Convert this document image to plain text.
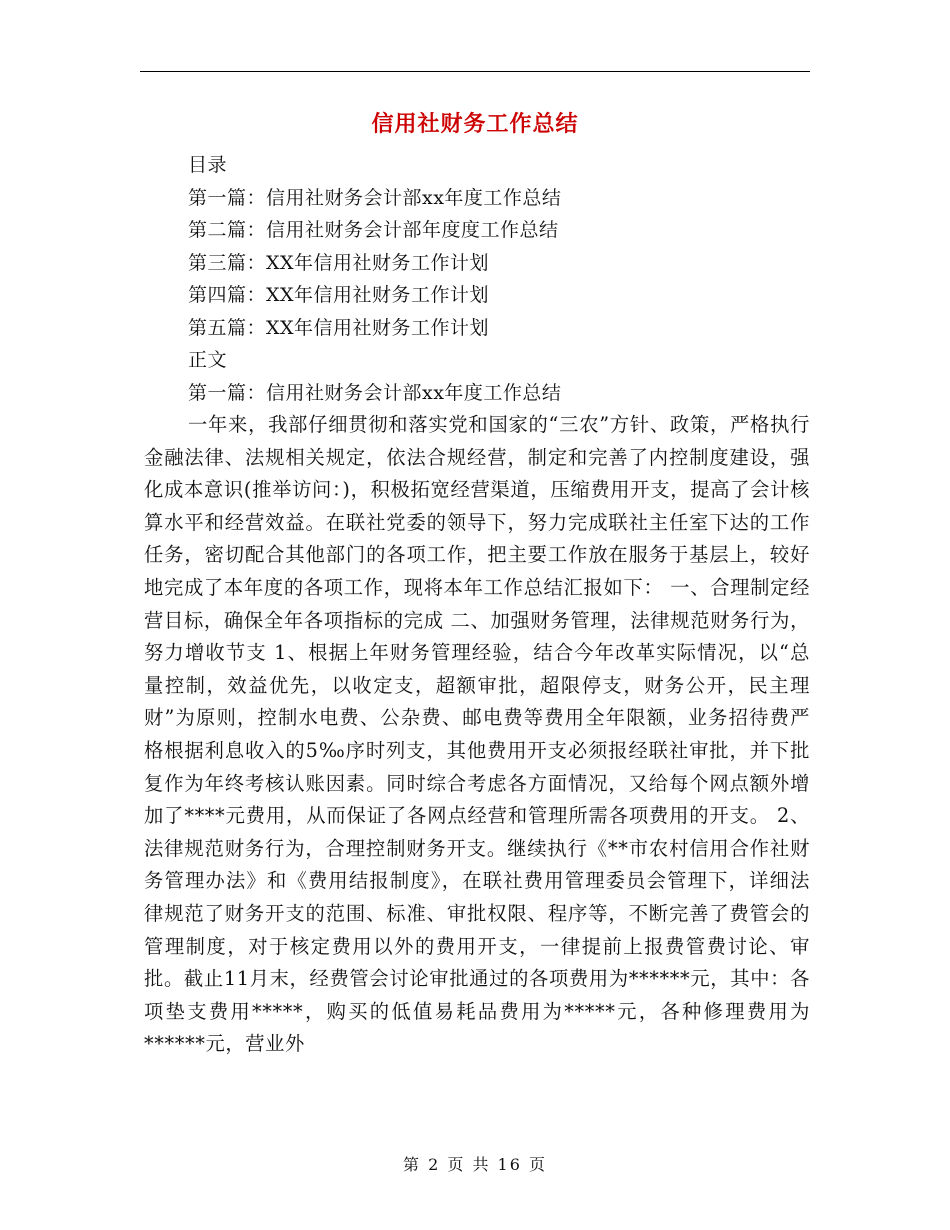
信用社财务工作总结
目录
第一篇：信用社财务会计部xx年度工作总结
第二篇：信用社财务会计部年度度工作总结
第三篇：XX年信用社财务工作计划
第四篇：XX年信用社财务工作计划
第五篇：XX年信用社财务工作计划
正文
第一篇：信用社财务会计部xx年度工作总结

一年来，我部仔细贯彻和落实党和国家的“三农”方针、政策，严格执行金融法律、法规相关规定，依法合规经营，制定和完善了内控制度建设，强化成本意识(推举访问：)，积极拓宽经营渠道，压缩费用开支，提高了会计核算水平和经营效益。在联社党委的领导下，努力完成联社主任室下达的工作任务，密切配合其他部门的各项工作，把主要工作放在服务于基层上，较好地完成了本年度的各项工作，现将本年工作总结汇报如下： 一、合理制定经营目标，确保全年各项指标的完成 二、加强财务管理，法律规范财务行为，努力增收节支 1、根据上年财务管理经验，结合今年改革实际情况，以“总量控制，效益优先，以收定支，超额审批，超限停支，财务公开，民主理财”为原则，控制水电费、公杂费、邮电费等费用全年限额，业务招待费严格根据利息收入的5‰序时列支，其他费用开支必须报经联社审批，并下批复作为年终考核认账因素。同时综合考虑各方面情况，又给每个网点额外增加了****元费用，从而保证了各网点经营和管理所需各项费用的开支。 2、法律规范财务行为，合理控制财务开支。继续执行《**市农村信用合作社财务管理办法》和《费用结报制度》，在联社费用管理委员会管理下，详细法律规范了财务开支的范围、标准、审批权限、程序等，不断完善了费管会的管理制度，对于核定费用以外的费用开支，一律提前上报费管费讨论、审批。截止11月末，经费管会讨论审批通过的各项费用为******元，其中：各项垫支费用*****，购买的低值易耗品费用为*****元，各种修理费用为******元，营业外

第 2 页 共 16 页
